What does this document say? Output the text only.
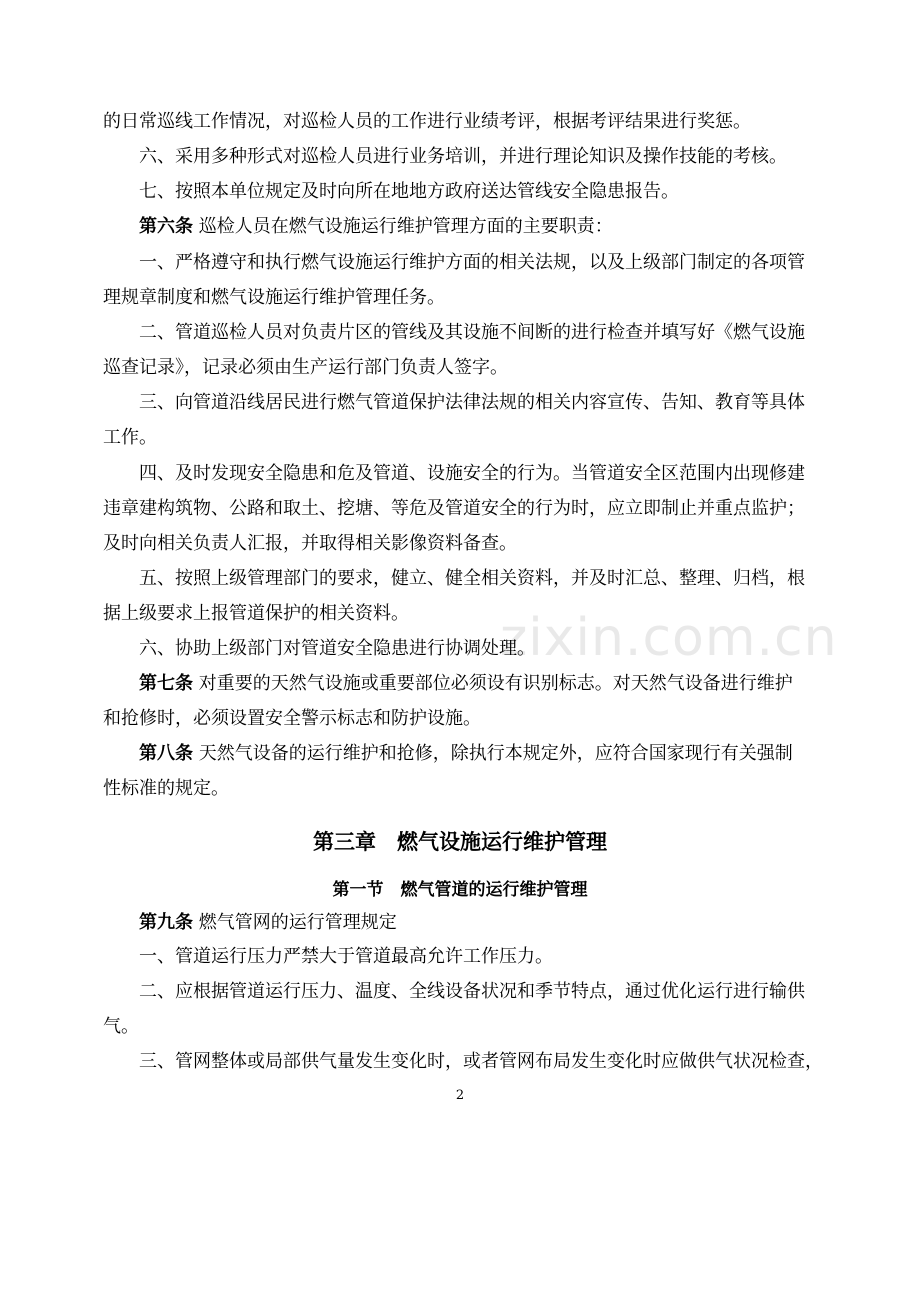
zixin.com.cn
的日常巡线工作情况，对巡检人员的工作进行业绩考评，根据考评结果进行奖惩。
六、采用多种形式对巡检人员进行业务培训，并进行理论知识及操作技能的考核。
七、按照本单位规定及时向所在地地方政府送达管线安全隐患报告。
第六条 巡检人员在燃气设施运行维护管理方面的主要职责：
一、严格遵守和执行燃气设施运行维护方面的相关法规，以及上级部门制定的各项管
理规章制度和燃气设施运行维护管理任务。
二、管道巡检人员对负责片区的管线及其设施不间断的进行检查并填写好《燃气设施
巡查记录》，记录必须由生产运行部门负责人签字。
三、向管道沿线居民进行燃气管道保护法律法规的相关内容宣传、告知、教育等具体
工作。
四、及时发现安全隐患和危及管道、设施安全的行为。当管道安全区范围内出现修建
违章建构筑物、公路和取土、挖塘、等危及管道安全的行为时，应立即制止并重点监护；
及时向相关负责人汇报，并取得相关影像资料备查。
五、按照上级管理部门的要求，健立、健全相关资料，并及时汇总、整理、归档，根
据上级要求上报管道保护的相关资料。
六、协助上级部门对管道安全隐患进行协调处理。
第七条 对重要的天然气设施或重要部位必须设有识别标志。对天然气设备进行维护
和抢修时，必须设置安全警示标志和防护设施。
第八条 天然气设备的运行维护和抢修，除执行本规定外，应符合国家现行有关强制
性标准的规定。
第三章　燃气设施运行维护管理
第一节　燃气管道的运行维护管理
第九条 燃气管网的运行管理规定
一、管道运行压力严禁大于管道最高允许工作压力。
二、应根据管道运行压力、温度、全线设备状况和季节特点，通过优化运行进行输供
气。
三、管网整体或局部供气量发生变化时，或者管网布局发生变化时应做供气状况检查，
2
